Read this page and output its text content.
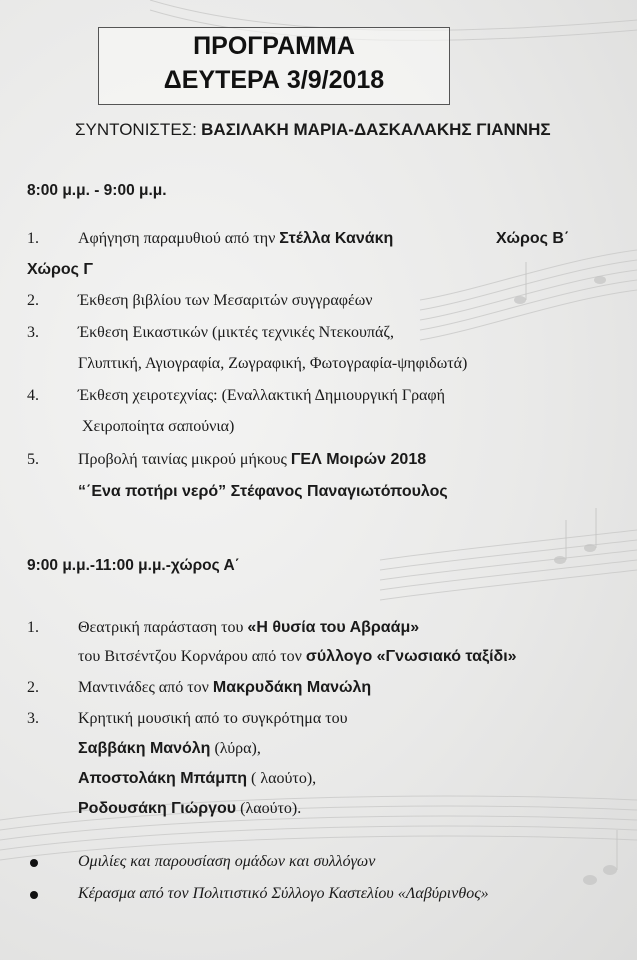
ΠΡΟΓΡΑΜΜΑ
ΔΕΥΤΕΡΑ 3/9/2018
ΣΥΝΤΟΝΙΣΤΕΣ: ΒΑΣΙΛΑΚΗ ΜΑΡΙΑ-ΔΑΣΚΑΛΑΚΗΣ ΓΙΑΝΝΗΣ
8:00 μ.μ. - 9:00 μ.μ.
1. Αφήγηση παραμυθιού από την Στέλλα Κανάκη	Χώρος Β΄
Χώρος Γ
2. Έκθεση βιβλίου των Μεσαριτών συγγραφέων
3. Έκθεση Εικαστικών (μικτές τεχνικές Ντεκουπάζ,
Γλυπτική, Αγιογραφία, Ζωγραφική, Φωτογραφία-ψηφιδωτά)
4. Έκθεση χειροτεχνίας: (Εναλλακτική Δημιουργική Γραφή
Χειροποίητα σαπούνια)
5. Προβολή ταινίας μικρού μήκους ΓΕΛ Μοιρών 2018
“΄Ενα ποτήρι νερό” Στέφανος Παναγιωτόπουλος
9:00 μ.μ.-11:00 μ.μ.-χώρος Α΄
1. Θεατρική παράσταση του «Η θυσία του Αβραάμ»
του Βιτσέντζου Κορνάρου από τον σύλλογο «Γνωσιακό ταξίδι»
2. Μαντινάδες από τον Μακρυδάκη Μανώλη
3. Κρητική μουσική από το συγκρότημα του
Σαββάκη Μανόλη (λύρα),
Αποστολάκη Μπάμπη ( λαούτο),
Ροδουσάκη Γιώργου (λαούτο).
Ομιλίες και παρουσίαση ομάδων και συλλόγων
Κέρασμα από τον Πολιτιστικό Σύλλογο Καστελίου «Λαβύρινθος»
